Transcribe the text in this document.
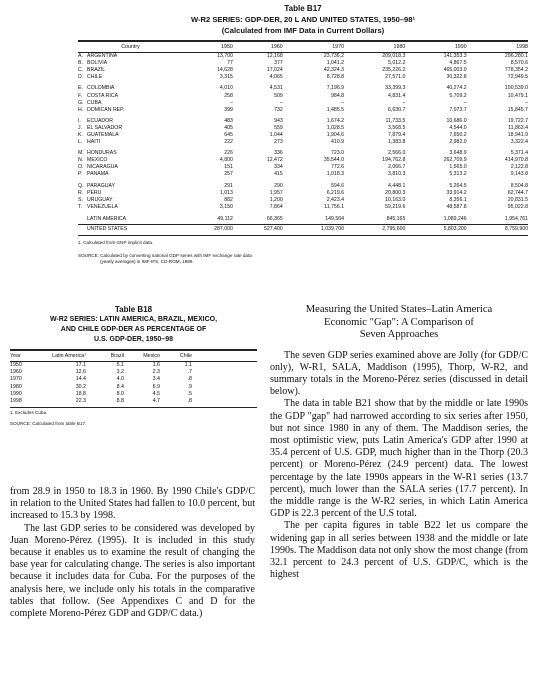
Table B17
W-R2 SERIES: GDP-DER, 20 L AND UNITED STATES, 1950–98¹
(Calculated from IMF Data in Current Dollars)
Country		1950	1960	1970	1980	1990	1998
A.	ARGENTINA	13,700	12,168	23,736.2	209,018.3	141,353.3	296,280.1
B.	BOLIVIA	77	377	1,041.2	5,012.2	4,867.5	8,570.6
C.	BRAZIL	14,628	17,024	42,324.3	235,226.2	465,003.0	778,354.2
D.	CHILE	3,315	4,065	8,728.8	27,571.0	30,322.8	72,949.5

E.	COLOMBIA	4,010	4,531	7,196.9	33,399.3	40,274.2	100,539.0
F.	COSTA RICA	258	509	984.8	4,831.4	5,709.2	10,479.1
G.	CUBA	–	–	–	–	–	–
H.	DOMICAN REP.	399	732	1,485.5	6,630.7	7,073.7	15,845.7

I.	ECUADOR	483	943	1,674.2	11,733.5	10,686.0	19,722.7
J.	EL SALVADOR	405	559	1,028.5	3,568.5	4,544.0	11,863.4
K.	GUATEMALA	645	1,044	1,904.6	7,879.4	7,650.2	18,941.9
L.	HAITI	222	273	410.9	1,383.8	2,982.0	3,322.4

M.	HONDURAS	226	336	723.0	2,566.0	3,648.9	5,371.4
N.	MEXICO	4,800	12,472	35,544.0	194,762.8	262,709.9	414,970.8
O.	NICARAGUA	151	334	772.6	2,066.7	1,565.0	2,122.8
P.	PANAMA	257	415	1,018.3	3,810.3	5,313.2	9,143.8

Q.	PARAGUAY	291	290	594.6	4,448.1	5,264.5	8,504.8
R.	PERU	1,013	1,957	6,219.6	20,800.3	33,914.2	62,744.7
S.	URUGUAY	882	1,200	2,423.4	10,163.0	8,356.1	20,831.5
T.	VENEZUELA	3,150	7,864	11,756.1	59,219.6	48,587.8	95,022.8

	LATIN AMERICA	49,112	66,365	149,564	845,165	1,089,246	1,954,761
	UNITED STATES	287,000	527,400	1,039,700	2,795,600	5,803,200	8,759,900
1. Calculated from GNP implicit data.
SOURCE: Calculated by converting national GDP series with IMF exchange rate data
(yearly averages) in IMF-IFS, CD-ROM, 1999.
Table B18
W-R2 SERIES: LATIN AMERICA, BRAZIL, MEXICO,
AND CHILE GDP-DER AS PERCENTAGE OF
U.S. GDP-DER, 1950–98
Year	Latin America¹	Brazil	Mexico	Chile	
1950	17.1	5.1	1.6	1.1	
1960	12.6	3.2	2.3	.7	
1970	14.4	4.0	3.4	.8	
1980	30.2	8.4	6.9	.9	
1990	18.8	8.0	4.5	.5	
1998	22.3	8.8	4.7	.8	
1. Excludes Cuba.
SOURCE: Calculated from table B17.

from 28.9 in 1950 to 18.3 in 1960. By 1990 Chile's GDP/C in relation to the United States had fallen to 10.0 percent, but increased to 15.3 by 1998.

The last GDP series to be considered was developed by Juan Moreno-Pérez (1995). It is included in this study because it enables us to examine the result of changing the base year for calculating change. The series is also important because it includes data for Cuba. For the purposes of the analysis here, we include only his totals in the comparative tables that follow. (See Appendixes C and D for the complete Moreno-Pérez GDP and GDP/C data.)

Measuring the United States–Latin America
Economic "Gap": A Comparison of
Seven Approaches

The seven GDP series examined above are Jolly (for GDP/C only), W-R1, SALA, Maddison (1995), Thorp, W-R2, and summary totals in the Moreno-Pérez series (discussed in detail below).

The data in table B21 show that by the middle or late 1990s the GDP "gap" had narrowed according to six series after 1950, but not since 1980 in any of them. The Maddison series, the most optimistic view, puts Latin America's GDP after 1990 at 35.4 percent of U.S. GDP, much higher than in the Thorp (20.3 percent) or Moreno-Pérez (24.9 percent) data. The lowest percentage by the late 1990s appears in the W-R1 series (13.7 percent), much lower than the SALA series (17.7 percent). In the middle range is the W-R2 series, in which Latin America GDP is 22.3 percent of the U.S total.

The per capita figures in table B22 let us compare the widening gap in all series between 1938 and the middle or late 1990s. The Maddison data not only show the most change (from 32.1 percent to 24.3 percent of U.S. GDP/C, which is the highest
